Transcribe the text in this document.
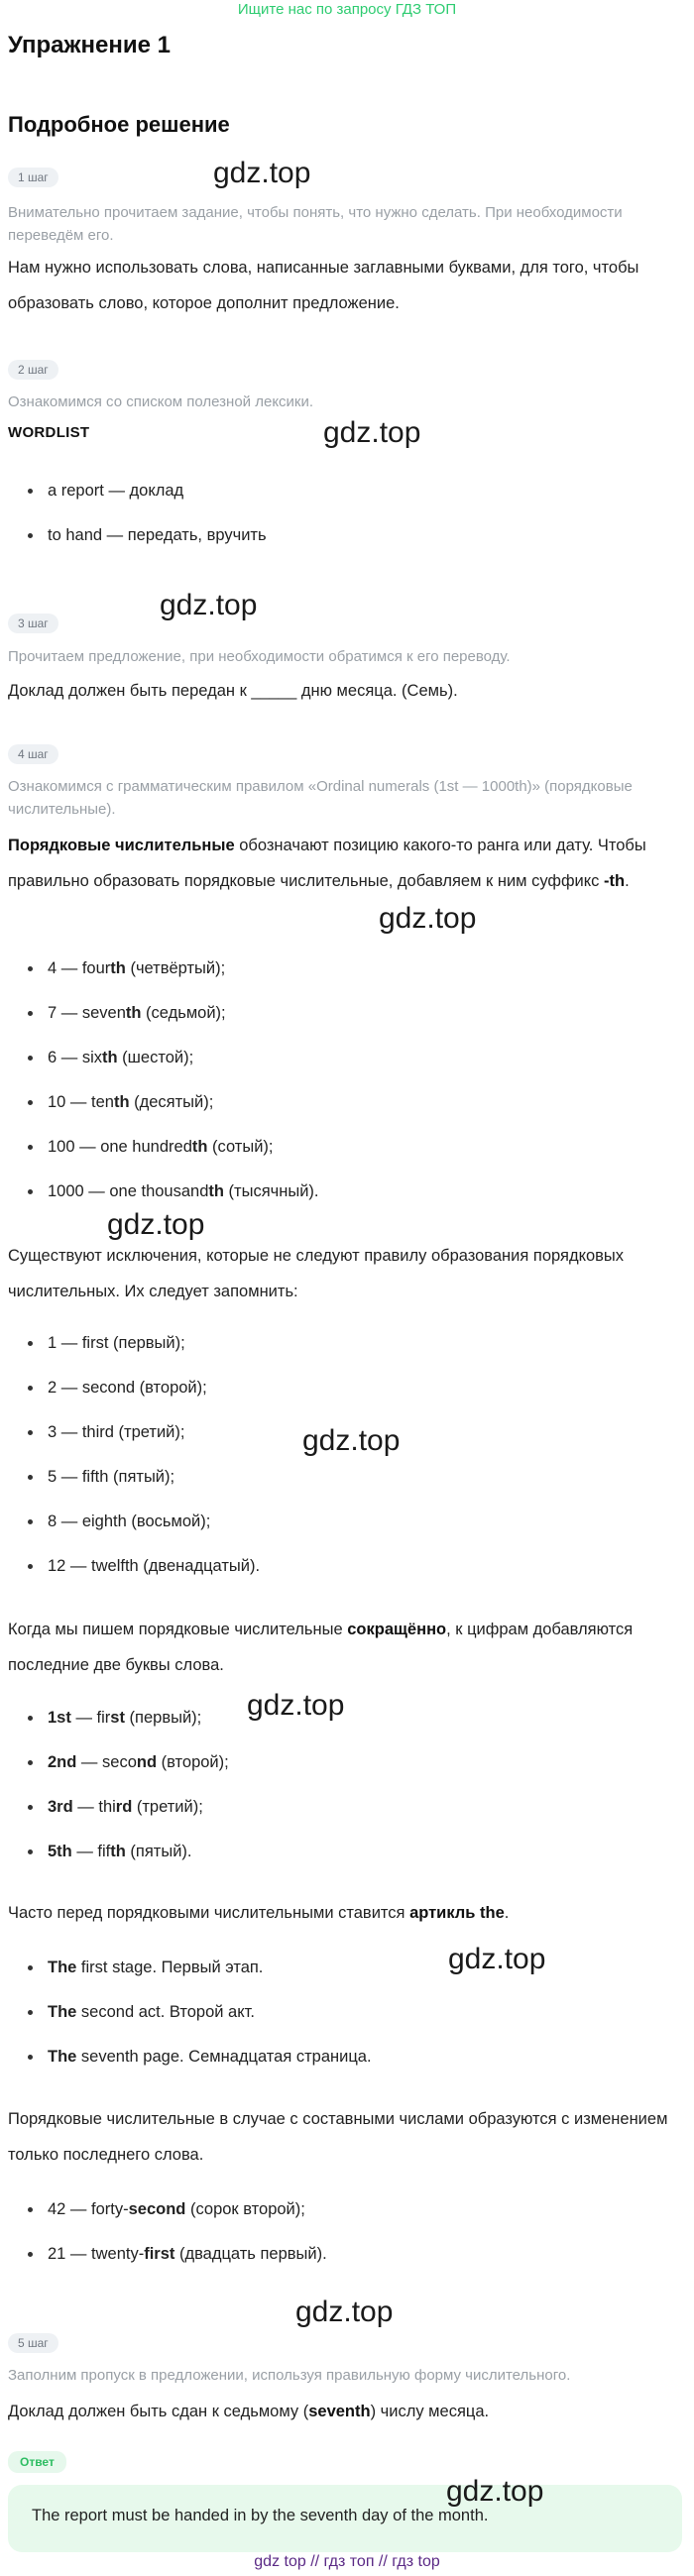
Ищите нас по запросу ГДЗ ТОП
Упражнение 1
Подробное решение
1 шаг	gdz.top
Внимательно прочитаем задание, чтобы понять, что нужно сделать. При необходимости переведём его.
Нам нужно использовать слова, написанные заглавными буквами, для того, чтобы образовать слово, которое дополнит предложение.
2 шаг
Ознакомимся со списком полезной лексики.
WORDLIST	gdz.top
a report — доклад
to hand — передать, вручить
gdz.top
3 шаг
Прочитаем предложение, при необходимости обратимся к его переводу.
Доклад должен быть передан к _____ дню месяца. (Семь).
4 шаг
Ознакомимся с грамматическим правилом «Ordinal numerals (1st — 1000th)» (порядковые числительные).
Порядковые числительные обозначают позицию какого-то ранга или дату. Чтобы правильно образовать порядковые числительные, добавляем к ним суффикс -th.
gdz.top
4 — fourth (четвёртый);
7 — seventh (седьмой);
6 — sixth (шестой);
10 — tenth (десятый);
100 — one hundredth (сотый);
1000 — one thousandth (тысячный).
gdz.top
Существуют исключения, которые не следуют правилу образования порядковых числительных. Их следует запомнить:
1 — first (первый);
2 — second (второй);
3 — third (третий);
5 — fifth (пятый);
8 — eighth (восьмой);
12 — twelfth (двенадцатый).
gdz.top
Когда мы пишем порядковые числительные сокращённо, к цифрам добавляются последние две буквы слова.
gdz.top
1st — first (первый);
2nd — second (второй);
3rd — third (третий);
5th — fifth (пятый).
Часто перед порядковыми числительными ставится артикль the.
gdz.top
The first stage. Первый этап.
The second act. Второй акт.
The seventh page. Семнадцатая страница.
Порядковые числительные в случае с составными числами образуются с изменением только последнего слова.
42 — forty-second (сорок второй);
21 — twenty-first (двадцать первый).
gdz.top
5 шаг
Заполним пропуск в предложении, используя правильную форму числительного.
Доклад должен быть сдан к седьмому (seventh) числу месяца.
Ответ
The report must be handed in by the seventh day of the month.
gdz.top
gdz top // гдз топ // гдз top
